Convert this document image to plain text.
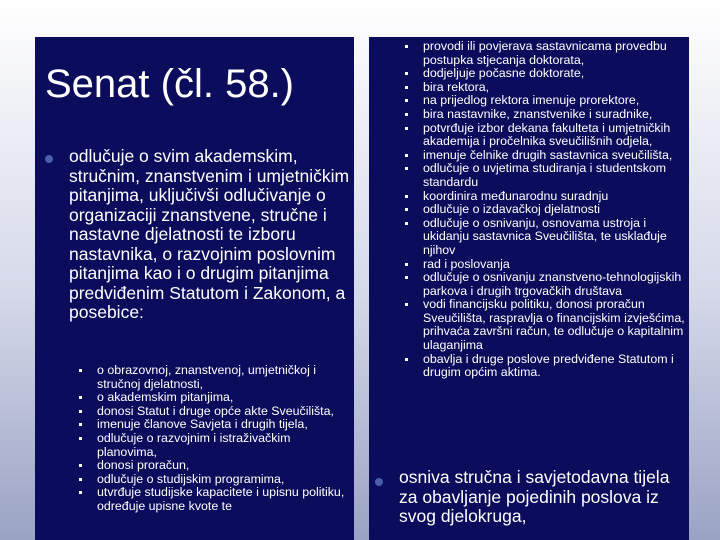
Senat (čl. 58.)

odlučuje o svim akademskim, stručnim, znanstvenim i umjetničkim pitanjima, uključivši odlučivanje o organizaciji znanstvene, stručne i nastavne djelatnosti te izboru nastavnika, o razvojnim poslovnim pitanjima kao i o drugim pitanjima predviđenim Statutom i Zakonom, a posebice:

o obrazovnoj, znanstvenoj, umjetničkoj i stručnoj djelatnosti,
o akademskim pitanjima,
donosi Statut i druge opće akte Sveučilišta,
imenuje članove Savjeta i drugih tijela,
odlučuje o razvojnim i istraživačkim planovima,
donosi proračun,
odlučuje o studijskim programima,
utvrđuje studijske kapacitete i upisnu politiku, određuje upisne kvote te
provodi ili povjerava sastavnicama provedbu postupka stjecanja doktorata,
dodjeljuje počasne doktorate,
bira rektora,
na prijedlog rektora imenuje prorektore,
bira nastavnike, znanstvenike i suradnike,
potvrđuje izbor dekana fakulteta i umjetničkih akademija i pročelnika sveučilišnih odjela,
imenuje čelnike drugih sastavnica sveučilišta,
odlučuje o uvjetima studiranja i studentskom standardu
koordinira međunarodnu suradnju
odlučuje o izdavačkoj djelatnosti
odlučuje o osnivanju, osnovama ustroja i ukidanju sastavnica Sveučilišta, te usklađuje njihov
rad i poslovanja
odlučuje o osnivanju znanstveno-tehnologijskih parkova i drugih trgovačkih društava
vodi financijsku politiku, donosi proračun Sveučilišta, raspravlja o financijskim izvješćima, prihvaća završni račun, te odlučuje o kapitalnim ulaganjima
obavlja i druge poslove predviđene Statutom i drugim općim aktima.

osniva stručna i savjetodavna tijela za obavljanje pojedinih poslova iz svog djelokruga,
